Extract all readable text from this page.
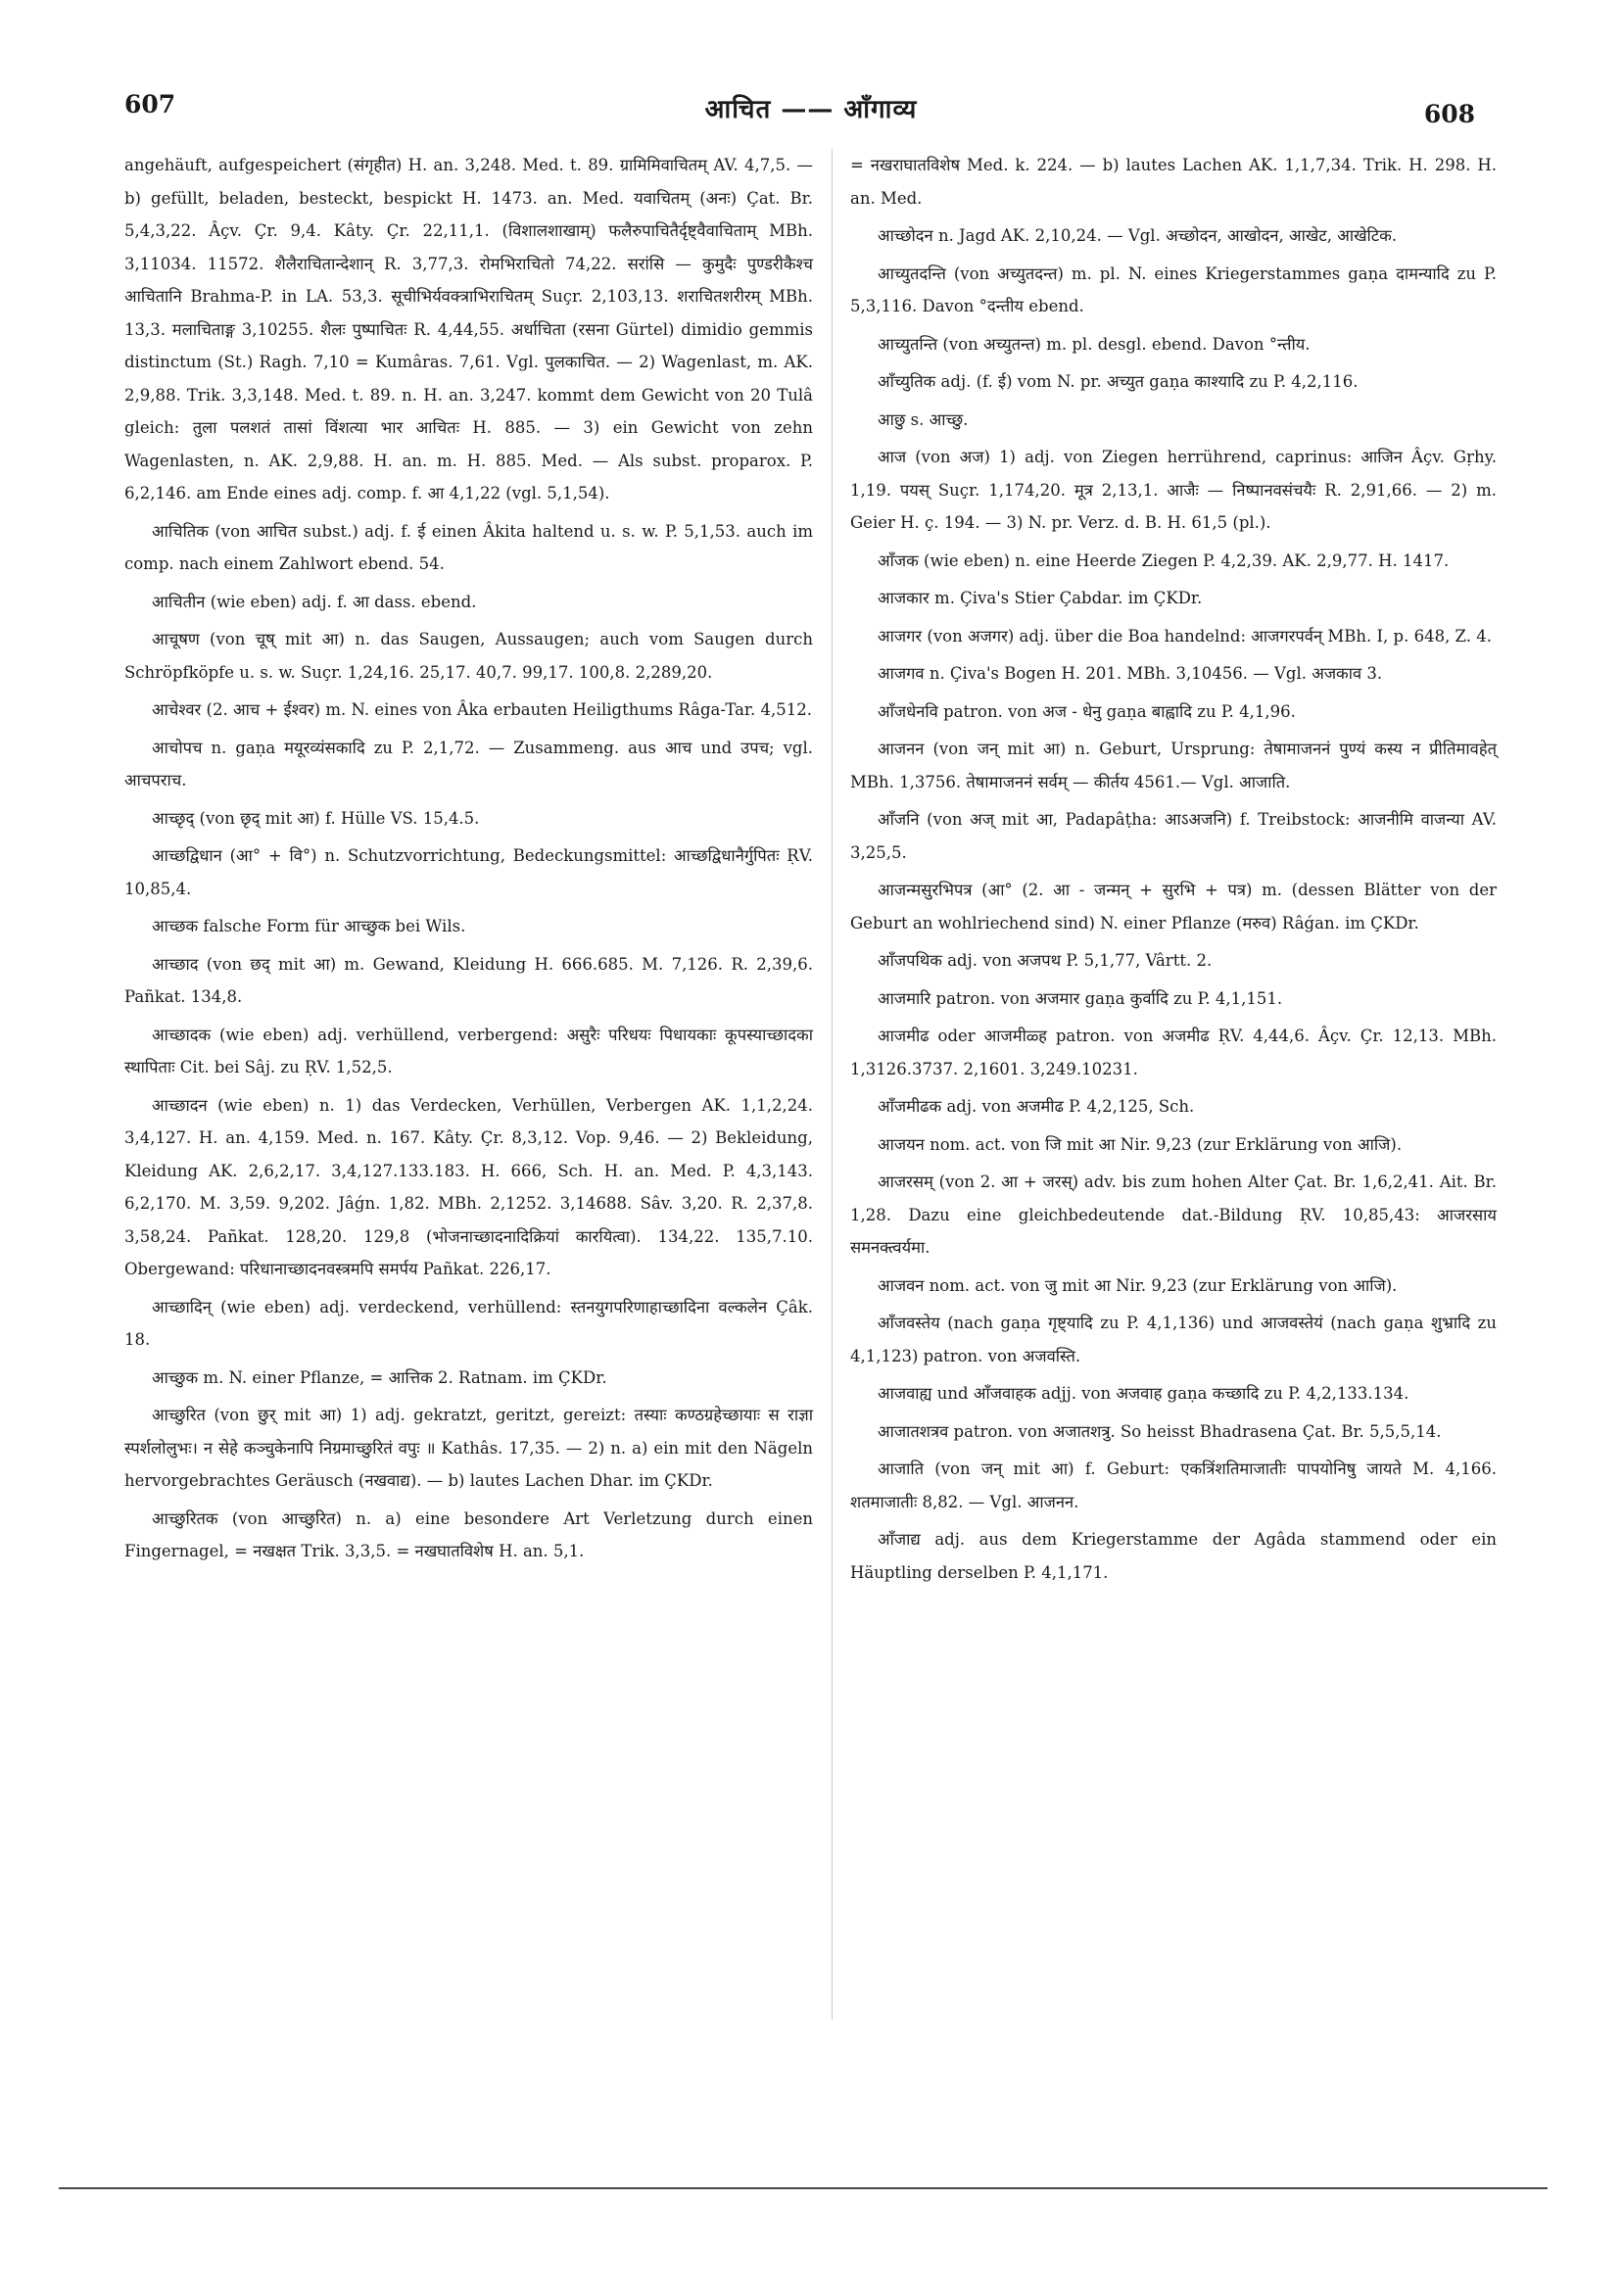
607	आचित —— आँगाव्य	608

angehäuft, aufgespeichert (संगृहीत) H. an. 3,248. Med. t. 89. ग्रामिमिवाचितम् AV. 4,7,5. — b) gefüllt, beladen, besteckt, bespickt H. 1473. an. Med. यवाचितम् (अनः) Çat. Br. 5,4,3,22. Âçv. Çr. 9,4. Kâty. Çr. 22,11,1. (विशालशाखाम्) फलैरुपाचितैर्दृष्ट्वैवाचिताम् MBh. 3,11034. 11572. शैलैराचितान्देशान् R. 3,77,3. रोमभिराचितो 74,22. सरांसि — कुमुदैः पुण्डरीकैश्च आचितानि Brahma-P. in LA. 53,3. सूचीभिर्यवक्त्राभिराचितम् Suçr. 2,103,13. शराचितशरीरम् MBh. 13,3. मलाचिताङ्ग 3,10255. शैलः पुष्पाचितः R. 4,44,55. अर्धाचिता (रसना Gürtel) dimidio gemmis distinctum (St.) Ragh. 7,10 = Kumâras. 7,61. Vgl. पुलकाचित. — 2) Wagenlast, m. AK. 2,9,88. Trik. 3,3,148. Med. t. 89. n. H. an. 3,247. kommt dem Gewicht von 20 Tulâ gleich: तुला पलशतं तासां विंशत्या भार आचितः H. 885. — 3) ein Gewicht von zehn Wagenlasten, n. AK. 2,9,88. H. an. m. H. 885. Med. — Als subst. proparox. P. 6,2,146. am Ende eines adj. comp. f. आ 4,1,22 (vgl. 5,1,54).

आचितिक (von आचित subst.) adj. f. ई einen Âkita haltend u. s. w. P. 5,1,53. auch im comp. nach einem Zahlwort ebend. 54.

आचितीन (wie eben) adj. f. आ dass. ebend.

आचूषण (von चूष् mit आ) n. das Saugen, Aussaugen; auch vom Saugen durch Schröpfköpfe u. s. w. Suçr. 1,24,16. 25,17. 40,7. 99,17. 100,8. 2,289,20.

आचेश्वर (2. आच + ईश्वर) m. N. eines von Âka erbauten Heiligthums Râga-Tar. 4,512.

आचोपच n. gaṇa मयूरव्यंसकादि zu P. 2,1,72. — Zusammeng. aus आच und उपच; vgl. आचपराच.

आच्छृद् (von छृद् mit आ) f. Hülle VS. 15,4.5.

आच्छद्विधान (आ° + वि°) n. Schutzvorrichtung, Bedeckungsmittel: आच्छद्विधानैर्गुपितः ṚV. 10,85,4.

आच्छक falsche Form für आच्छुक bei Wils.

आच्छाद (von छद् mit आ) m. Gewand, Kleidung H. 666.685. M. 7,126. R. 2,39,6. Pañkat. 134,8.

आच्छादक (wie eben) adj. verhüllend, verbergend: असुरैः परिधयः पिधायकाः कूपस्याच्छादका स्थापिताः Cit. bei Sâj. zu ṚV. 1,52,5.

आच्छादन (wie eben) n. 1) das Verdecken, Verhüllen, Verbergen AK. 1,1,2,24. 3,4,127. H. an. 4,159. Med. n. 167. Kâty. Çr. 8,3,12. Vop. 9,46. — 2) Bekleidung, Kleidung AK. 2,6,2,17. 3,4,127.133.183. H. 666, Sch. H. an. Med. P. 4,3,143. 6,2,170. M. 3,59. 9,202. Jâǵn. 1,82. MBh. 2,1252. 3,14688. Sâv. 3,20. R. 2,37,8. 3,58,24. Pañkat. 128,20. 129,8 (भोजनाच्छादनादिक्रियां कारयित्वा). 134,22. 135,7.10. Obergewand: परिधानाच्छादनवस्त्रमपि समर्पय Pañkat. 226,17.

आच्छादिन् (wie eben) adj. verdeckend, verhüllend: स्तनयुगपरिणाहाच्छादिना वल्कलेन Çâk. 18.

आच्छुक m. N. einer Pflanze, = आत्तिक 2. Ratnam. im ÇKDr.

आच्छुरित (von छुर् mit आ) 1) adj. gekratzt, geritzt, gereizt: तस्याः कण्ठग्रहेच्छायाः स राज्ञा स्पर्शलोलुभः। न सेहे कञ्चुकेनापि निग्रमाच्छुरितं वपुः ॥ Kathâs. 17,35. — 2) n. a) ein mit den Nägeln hervorgebrachtes Geräusch (नखवाद्य). — b) lautes Lachen Dhar. im ÇKDr.

आच्छुरितक (von आच्छुरित) n. a) eine besondere Art Verletzung durch einen Fingernagel, = नखक्षत Trik. 3,3,5. = नखघातविशेष H. an. 5,1.

= नखराघातविशेष Med. k. 224. — b) lautes Lachen AK. 1,1,7,34. Trik. H. 298. H. an. Med.

आच्छोदन n. Jagd AK. 2,10,24. — Vgl. अच्छोदन, आखोदन, आखेट, आखेटिक.

आच्युतदन्ति (von अच्युतदन्त) m. pl. N. eines Kriegerstammes gaṇa दामन्यादि zu P. 5,3,116. Davon °दन्तीय ebend.

आच्युतन्ति (von अच्युतन्त) m. pl. desgl. ebend. Davon °न्तीय.

आँच्युतिक adj. (f. ई) vom N. pr. अच्युत gaṇa काश्यादि zu P. 4,2,116.

आछु s. आच्छु.

आज (von अज) 1) adj. von Ziegen herrührend, caprinus: आजिन Âçv. Gṛhy. 1,19. पयस् Suçr. 1,174,20. मूत्र 2,13,1. आजैः — निष्पानवसंचयैः R. 2,91,66. — 2) m. Geier H. ç. 194. — 3) N. pr. Verz. d. B. H. 61,5 (pl.).

आँजक (wie eben) n. eine Heerde Ziegen P. 4,2,39. AK. 2,9,77. H. 1417.

आजकार m. Çiva's Stier Çabdar. im ÇKDr.

आजगर (von अजगर) adj. über die Boa handelnd: आजगरपर्वन् MBh. I, p. 648, Z. 4.

आजगव n. Çiva's Bogen H. 201. MBh. 3,10456. — Vgl. अजकाव 3.

आँजधेनवि patron. von अज - धेनु gaṇa बाह्वादि zu P. 4,1,96.

आजनन (von जन् mit आ) n. Geburt, Ursprung: तेषामाजननं पुण्यं कस्य न प्रीतिमावहेत् MBh. 1,3756. तेषामाजननं सर्वम् — कीर्तय 4561.— Vgl. आजाति.

आँजनि (von अज् mit आ, Padapâṭha: आऽअजनि) f. Treibstock: आजनीमि वाजन्या AV. 3,25,5.

आजन्मसुरभिपत्र (आ° (2. आ - जन्मन् + सुरभि + पत्र) m. (dessen Blätter von der Geburt an wohlriechend sind) N. einer Pflanze (मरुव) Râǵan. im ÇKDr.

आँजपथिक adj. von अजपथ P. 5,1,77, Vârtt. 2.

आजमारि patron. von अजमार gaṇa कुर्वादि zu P. 4,1,151.

आजमीढ oder आजमीळ्ह patron. von अजमीढ ṚV. 4,44,6. Âçv. Çr. 12,13. MBh. 1,3126.3737. 2,1601. 3,249.10231.

आँजमीढक adj. von अजमीढ P. 4,2,125, Sch.

आजयन nom. act. von जि mit आ Nir. 9,23 (zur Erklärung von आजि).

आजरसम् (von 2. आ + जरस्) adv. bis zum hohen Alter Çat. Br. 1,6,2,41. Ait. Br. 1,28. Dazu eine gleichbedeutende dat.-Bildung ṚV. 10,85,43: आजरसाय समनक्त्वर्यमा.

आजवन nom. act. von जु mit आ Nir. 9,23 (zur Erklärung von आजि).

आँजवस्तेय (nach gaṇa गृष्ट्यादि zu P. 4,1,136) und आजवस्तेयं (nach gaṇa शुभ्रादि zu 4,1,123) patron. von अजवस्ति.

आजवाह्य und आँजवाहक adjj. von अजवाह gaṇa कच्छादि zu P. 4,2,133.134.

आजातशत्रव patron. von अजातशत्रु. So heisst Bhadrasena Çat. Br. 5,5,5,14.

आजाति (von जन् mit आ) f. Geburt: एकत्रिंशतिमाजातीः पापयोनिषु जायते M. 4,166. शतमाजातीः 8,82. — Vgl. आजनन.

आँजाद्य adj. aus dem Kriegerstamme der Agâda stammend oder ein Häuptling derselben P. 4,1,171.
